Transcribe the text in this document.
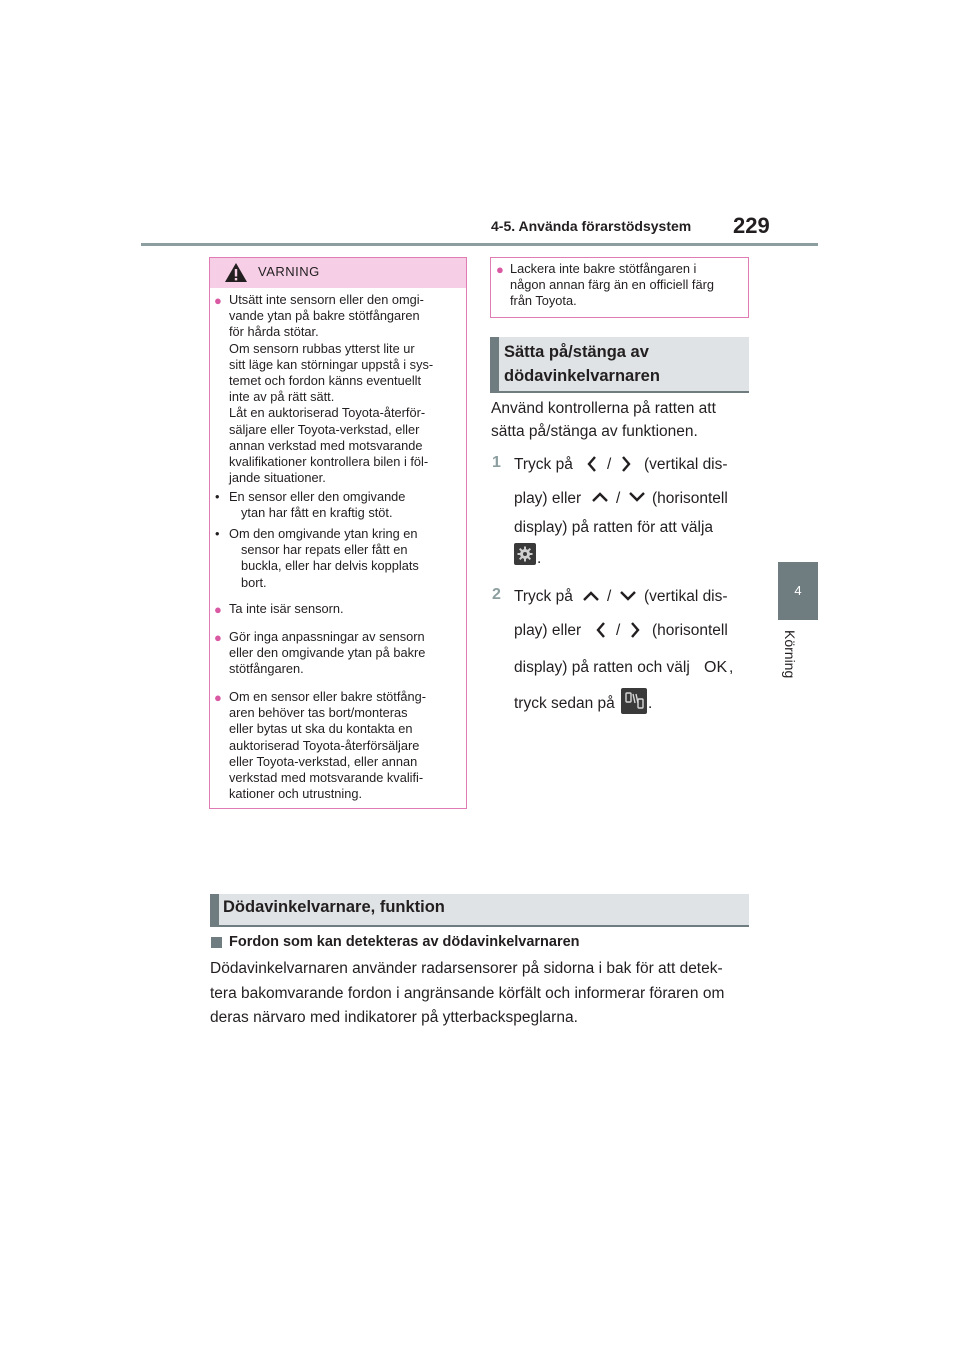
4-5. Använda förarstödsystem 229
4
Körning
VARNING
● Utsätt inte sensorn eller den omgi-
vande ytan på bakre stötfångaren
för hårda stötar.
Om sensorn rubbas ytterst lite ur
sitt läge kan störningar uppstå i sys-
temet och fordon känns eventuellt
inte av på rätt sätt.
Låt en auktoriserad Toyota-återför-
säljare eller Toyota-verkstad, eller
annan verkstad med motsvarande
kvalifikationer kontrollera bilen i föl-
jande situationer.
• En sensor eller den omgivande
ytan har fått en kraftig stöt.
• Om den omgivande ytan kring en
sensor har repats eller fått en
buckla, eller har delvis kopplats
bort.
● Ta inte isär sensorn.
● Gör inga anpassningar av sensorn
eller den omgivande ytan på bakre
stötfångaren.
● Om en sensor eller bakre stötfång-
aren behöver tas bort/monteras
eller bytas ut ska du kontakta en
auktoriserad Toyota-återförsäljare
eller Toyota-verkstad, eller annan
verkstad med motsvarande kvalifi-
kationer och utrustning.
● Lackera inte bakre stötfångaren i
någon annan färg än en officiell färg
från Toyota.
Sätta på/stänga av
dödavinkelvarnaren
Använd kontrollerna på ratten att
sätta på/stänga av funktionen.
1 Tryck på / (vertikal dis-
play) eller / (horisontell
display) på ratten för att välja
.
2 Tryck på / (vertikal dis-
play) eller / (horisontell
display) på ratten och välj OK ,
tryck sedan på .
Dödavinkelvarnare, funktion
Fordon som kan detekteras av dödavinkelvarnaren
Dödavinkelvarnaren använder radarsensorer på sidorna i bak för att detek-
tera bakomvarande fordon i angränsande körfält och informerar föraren om
deras närvaro med indikatorer på ytterbackspeglarna.
